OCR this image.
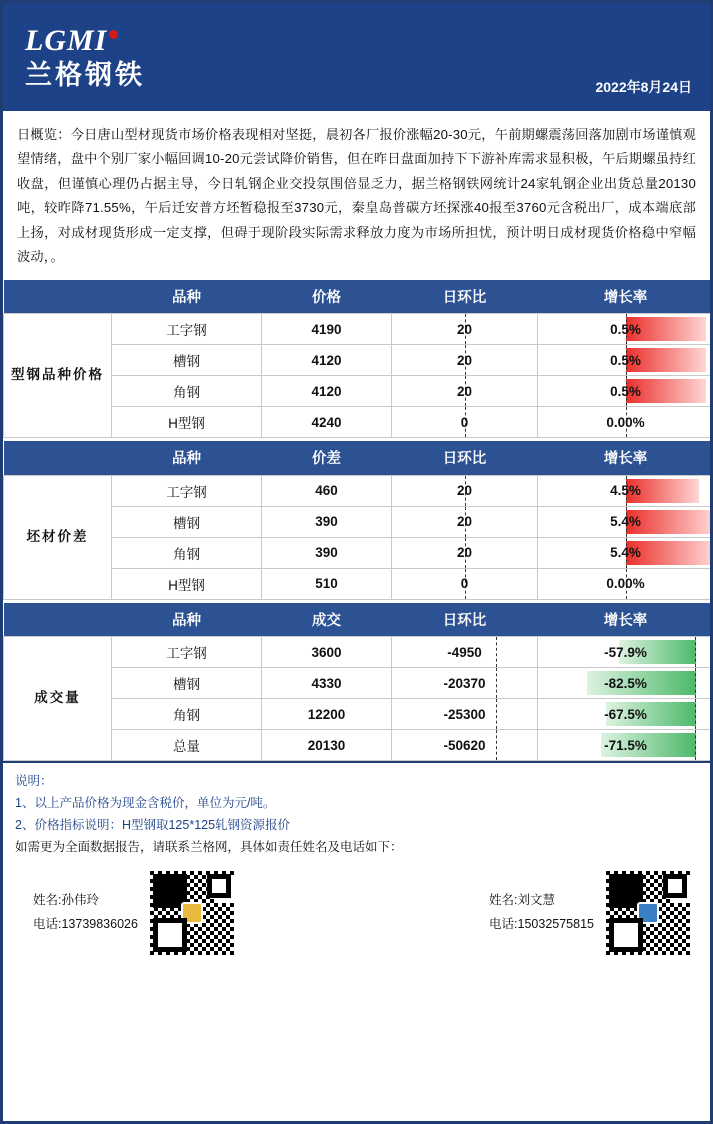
LGMI
兰格钢铁	2022年8月24日
日概览：今日唐山型材现货市场价格表现相对坚挺，晨初各厂报价涨幅20-30元，午前期螺震荡回落加剧市场谨慎观望情绪，盘中个别厂家小幅回调10-20元尝试降价销售，但在昨日盘面加持下下游补库需求显积极，午后期螺虽持红收盘，但谨慎心理仍占据主导，今日轧钢企业交投氛围倍显乏力，据兰格钢铁网统计24家轧钢企业出货总量20130吨，较昨降71.55%，午后迁安普方坯暂稳报至3730元，秦皇岛普碳方坯探涨40报至3760元含税出厂，成本端底部上扬，对成材现货形成一定支撑，但碍于现阶段实际需求释放力度为市场所担忧，预计明日成材现货价格稳中窄幅波动，。
	品种	价格	日环比	增长率
型钢品种价格	工字钢	4190	20	0.5%
	槽钢	4120	20	0.5%
	角钢	4120	20	0.5%
	H型钢	4240	0	0.00%
	品种	价差	日环比	增长率
坯材价差	工字钢	460	20	4.5%
	槽钢	390	20	5.4%
	角钢	390	20	5.4%
	H型钢	510	0	0.00%
	品种	成交	日环比	增长率
成交量	工字钢	3600	-4950	-57.9%
	槽钢	4330	-20370	-82.5%
	角钢	12200	-25300	-67.5%
	总量	20130	-50620	-71.5%
说明：
1、以上产品价格为现金含税价，单位为元/吨。
2、价格指标说明：H型钢取125*125轧钢资源报价
如需更为全面数据报告，请联系兰格网，具体如责任姓名及电话如下：
姓名:孙伟玲
电话:13739836026
姓名:刘文慧
电话:15032575815
